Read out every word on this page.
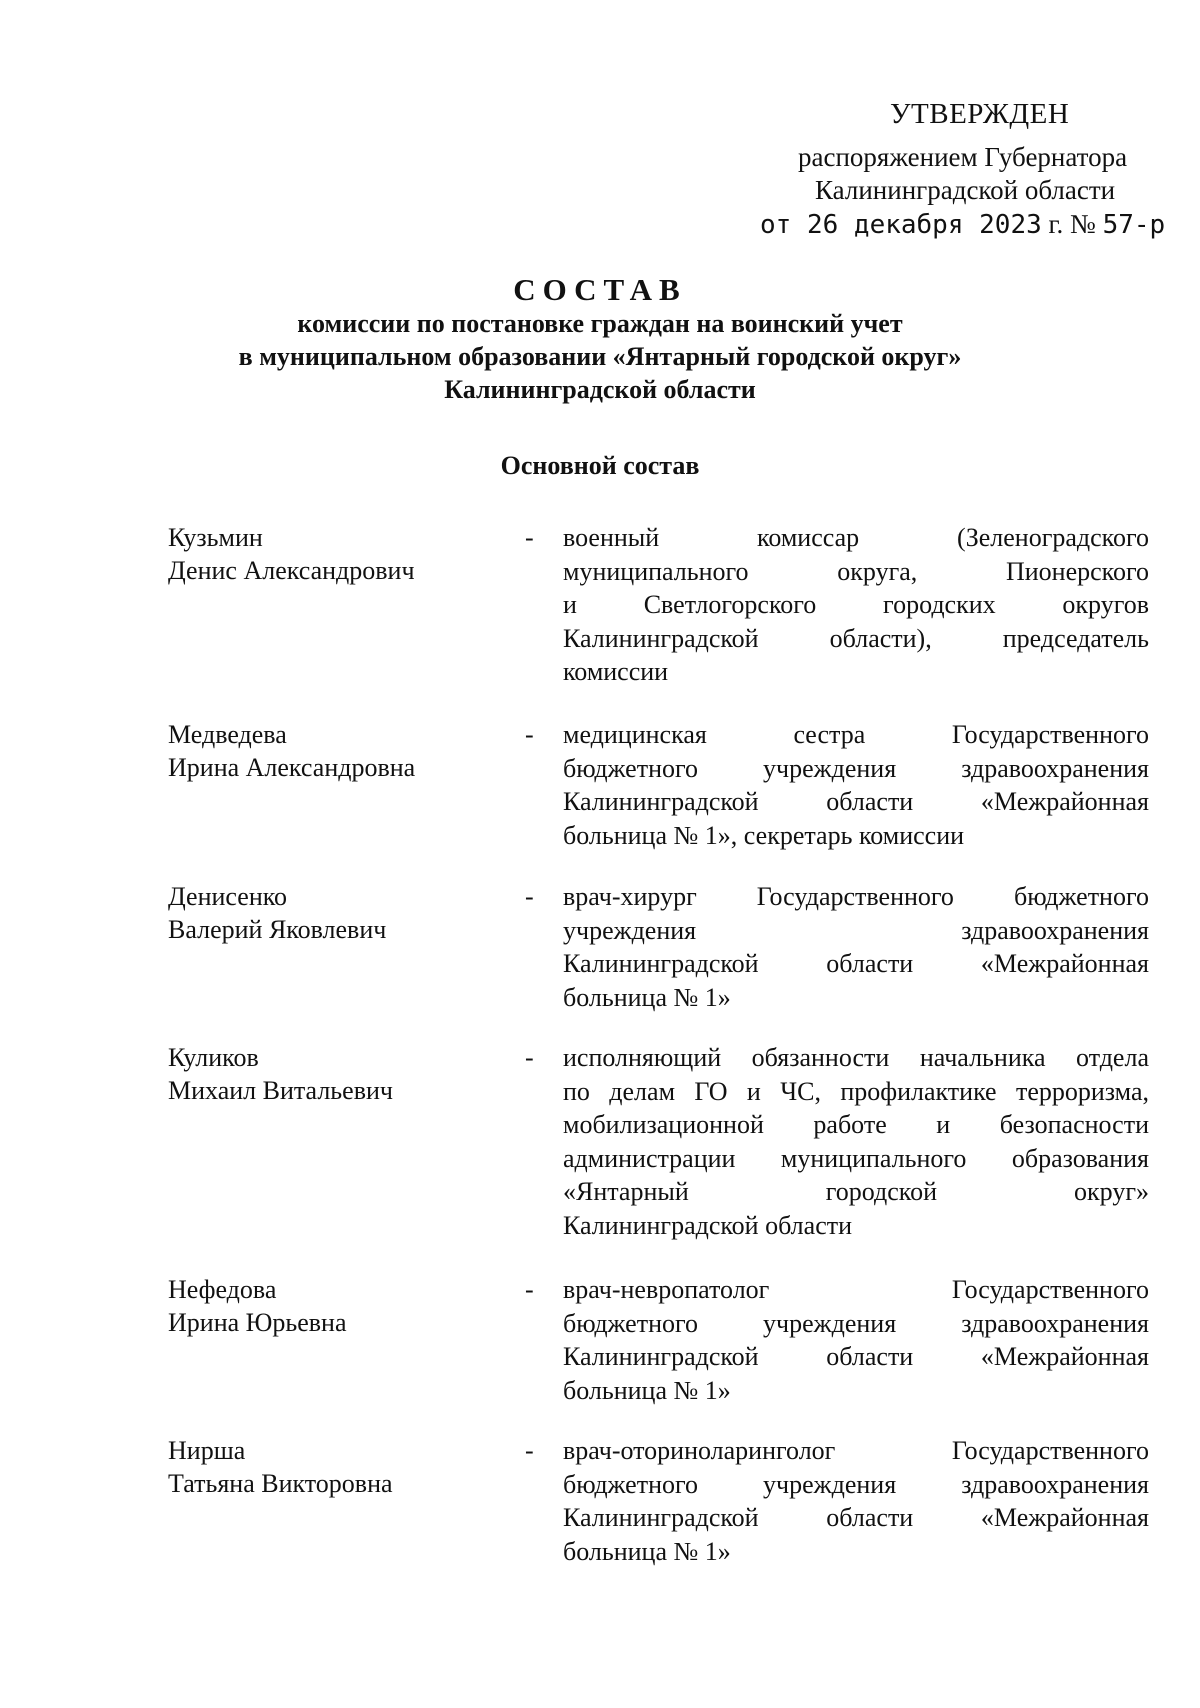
УТВЕРЖДЕН
распоряжением Губернатора
Калининградской области
от 26 декабря 2023 г. № 57-р
СОСТАВ
комиссии по постановке граждан на воинский учет
в муниципальном образовании «Янтарный городской округ»
Калининградской области
Основной состав
Кузьмин
Денис Александрович
- военный комиссар (Зеленоградского
муниципального округа, Пионерского
и Светлогорского городских округов
Калининградской области), председатель
комиссии
Медведева
Ирина Александровна
- медицинская сестра Государственного
бюджетного учреждения здравоохранения
Калининградской области «Межрайонная
больница № 1», секретарь комиссии
Денисенко
Валерий Яковлевич
- врач-хирург Государственного бюджетного
учреждения здравоохранения
Калининградской области «Межрайонная
больница № 1»
Куликов
Михаил Витальевич
- исполняющий обязанности начальника отдела
по делам ГО и ЧС, профилактике терроризма,
мобилизационной работе и безопасности
администрации муниципального образования
«Янтарный городской округ»
Калининградской области
Нефедова
Ирина Юрьевна
- врач-невропатолог Государственного
бюджетного учреждения здравоохранения
Калининградской области «Межрайонная
больница № 1»
Нирша
Татьяна Викторовна
- врач-оториноларинголог Государственного
бюджетного учреждения здравоохранения
Калининградской области «Межрайонная
больница № 1»
